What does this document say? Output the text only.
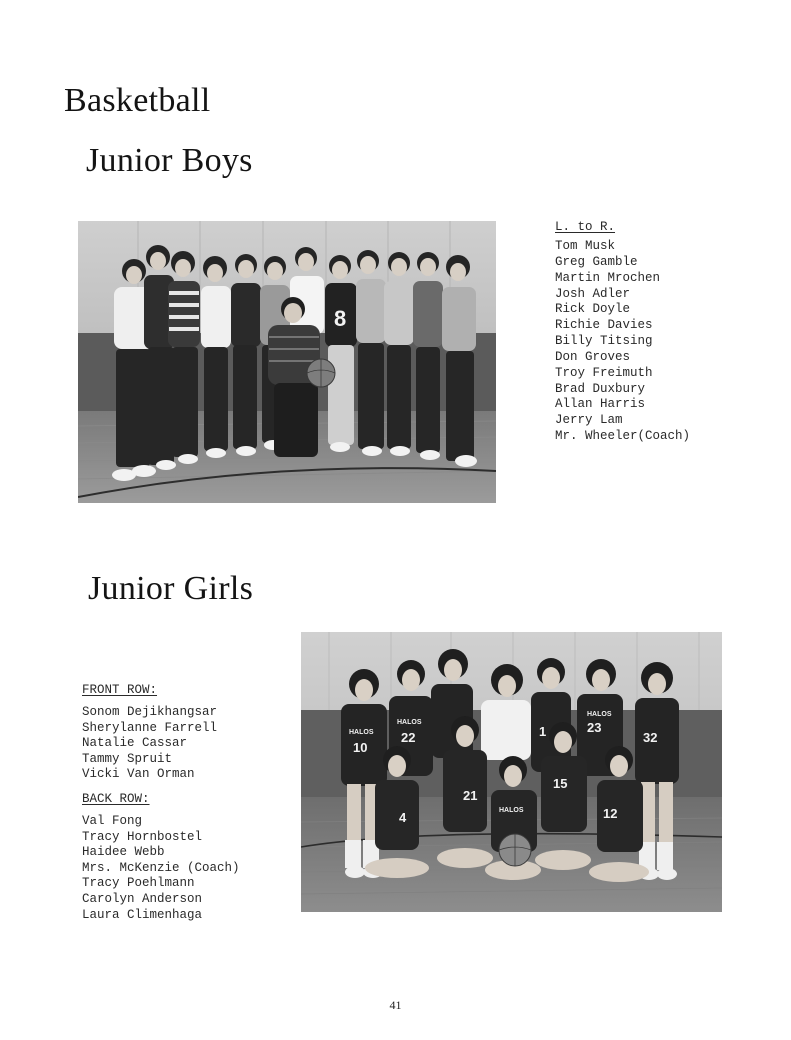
Basketball
Junior Boys
8
L. to R.
Tom Musk
Greg Gamble
Martin Mrochen
Josh Adler
Rick Doyle
Richie Davies
Billy Titsing
Don Groves
Troy Freimuth
Brad Duxbury
Allan Harris
Jerry Lam
Mr. Wheeler(Coach)
Junior Girls
FRONT ROW:
Sonom Dejikhangsar
Sherylanne Farrell
Natalie Cassar
Tammy Spruit
Vicki Van Orman
BACK ROW:
Val Fong
Tracy Hornbostel
Haidee Webb
Mrs. McKenzie (Coach)
Tracy Poehlmann
Carolyn Anderson
Laura Climenhaga
10
22	1	23
32
HALOS
HALOS
HALOS
4
21
15
12
HALOS
41
